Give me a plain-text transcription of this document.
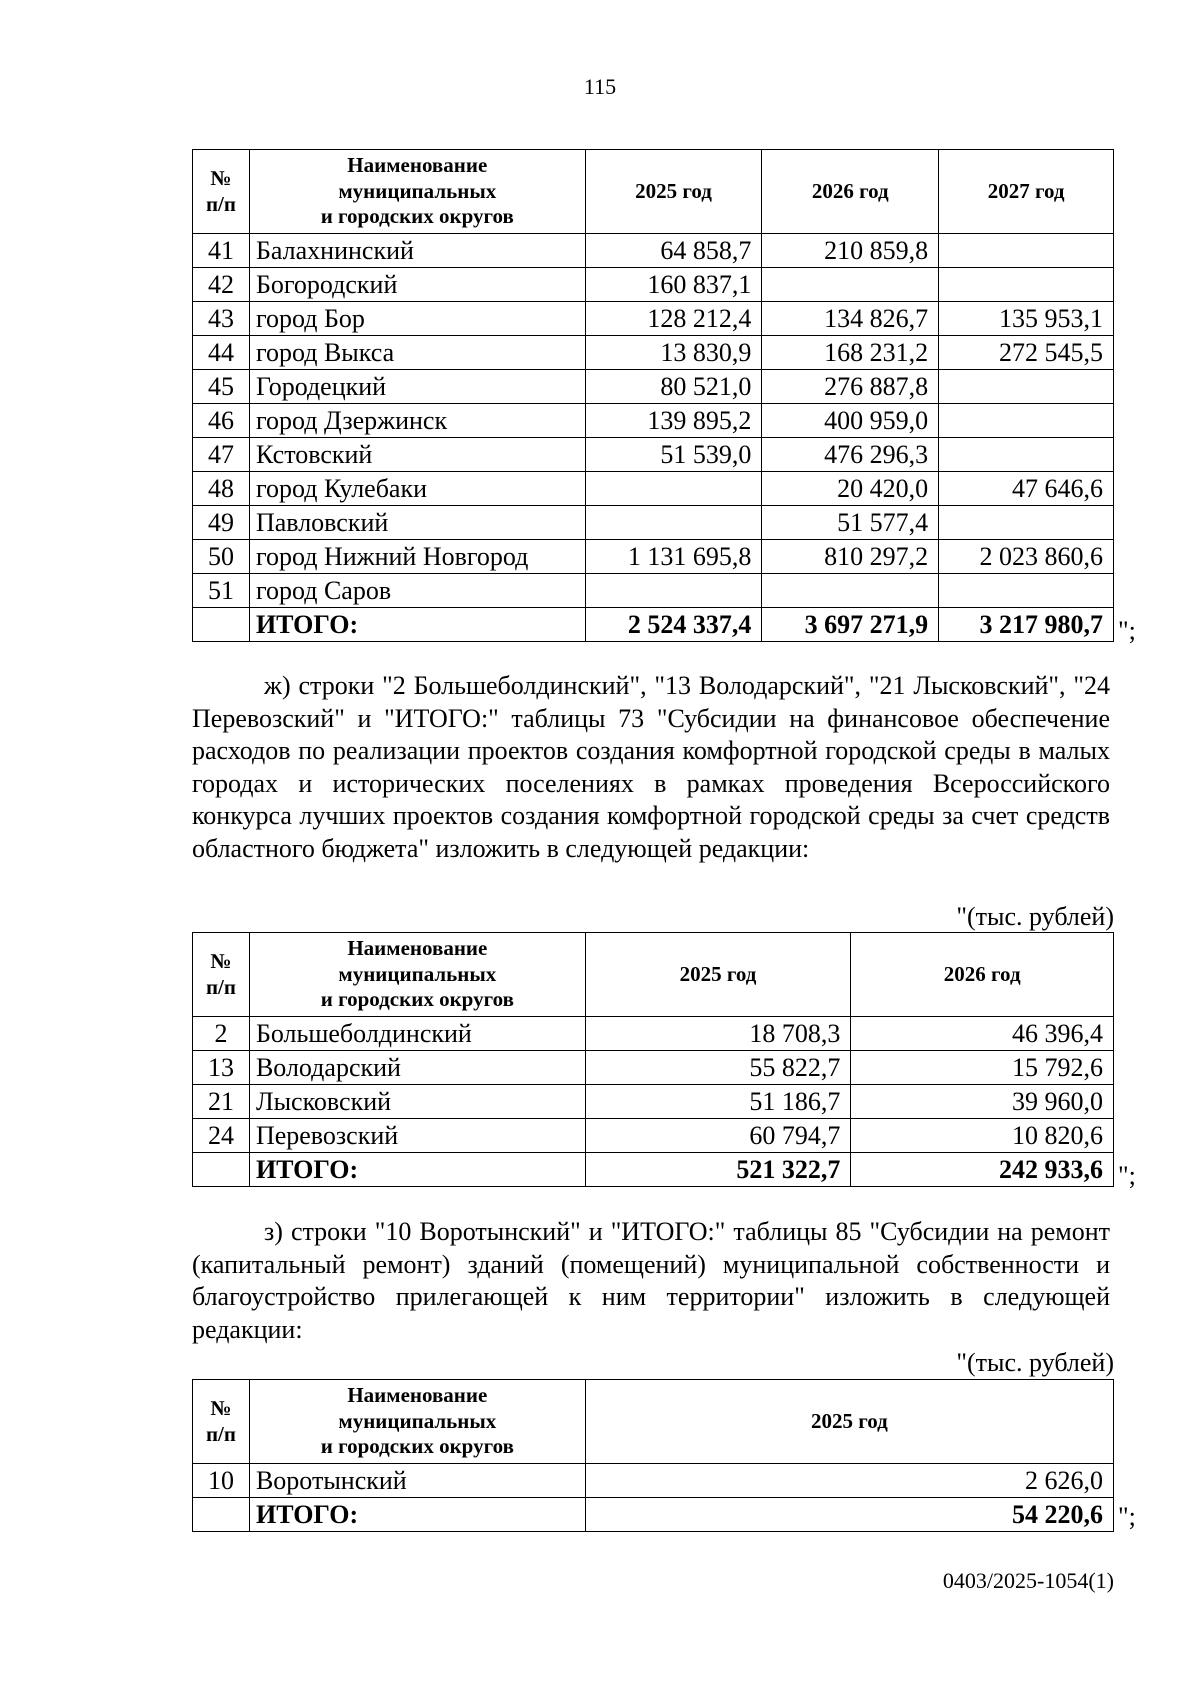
115
№
п/п	Наименование
муниципальных
и городских округов	2025 год	2026 год	2027 год
41	Балахнинский	64 858,7	210 859,8	
42	Богородский	160 837,1		
43	город Бор	128 212,4	134 826,7	135 953,1
44	город Выкса	13 830,9	168 231,2	272 545,5
45	Городецкий	80 521,0	276 887,8	
46	город Дзержинск	139 895,2	400 959,0	
47	Кстовский	51 539,0	476 296,3	
48	город Кулебаки		20 420,0	47 646,6
49	Павловский		51 577,4	
50	город Нижний Новгород	1 131 695,8	810 297,2	2 023 860,6
51	город Саров			
	ИТОГО:	2 524 337,4	3 697 271,9	3 217 980,7 ";

ж) строки "2 Большеболдинский", "13 Володарский", "21 Лысковский", "24 Перевозский" и "ИТОГО:" таблицы 73 "Субсидии на финансовое обеспечение расходов по реализации проектов создания комфортной городской среды в малых городах и исторических поселениях в рамках проведения Всероссийского конкурса лучших проектов создания комфортной городской среды за счет средств областного бюджета" изложить в следующей редакции:

"(тыс. рублей)
№
п/п	Наименование
муниципальных
и городских округов	2025 год	2026 год
2	Большеболдинский	18 708,3	46 396,4
13	Володарский	55 822,7	15 792,6
21	Лысковский	51 186,7	39 960,0
24	Перевозский	60 794,7	10 820,6
	ИТОГО:	521 322,7	242 933,6 ";

з) строки "10 Воротынский" и "ИТОГО:" таблицы 85 "Субсидии на ремонт (капитальный ремонт) зданий (помещений) муниципальной собственности и благоустройство прилегающей к ним территории" изложить в следующей редакции:

"(тыс. рублей)
№
п/п	Наименование
муниципальных
и городских округов	2025 год
10	Воротынский	2 626,0
	ИТОГО:	54 220,6 ";
0403/2025-1054(1)
